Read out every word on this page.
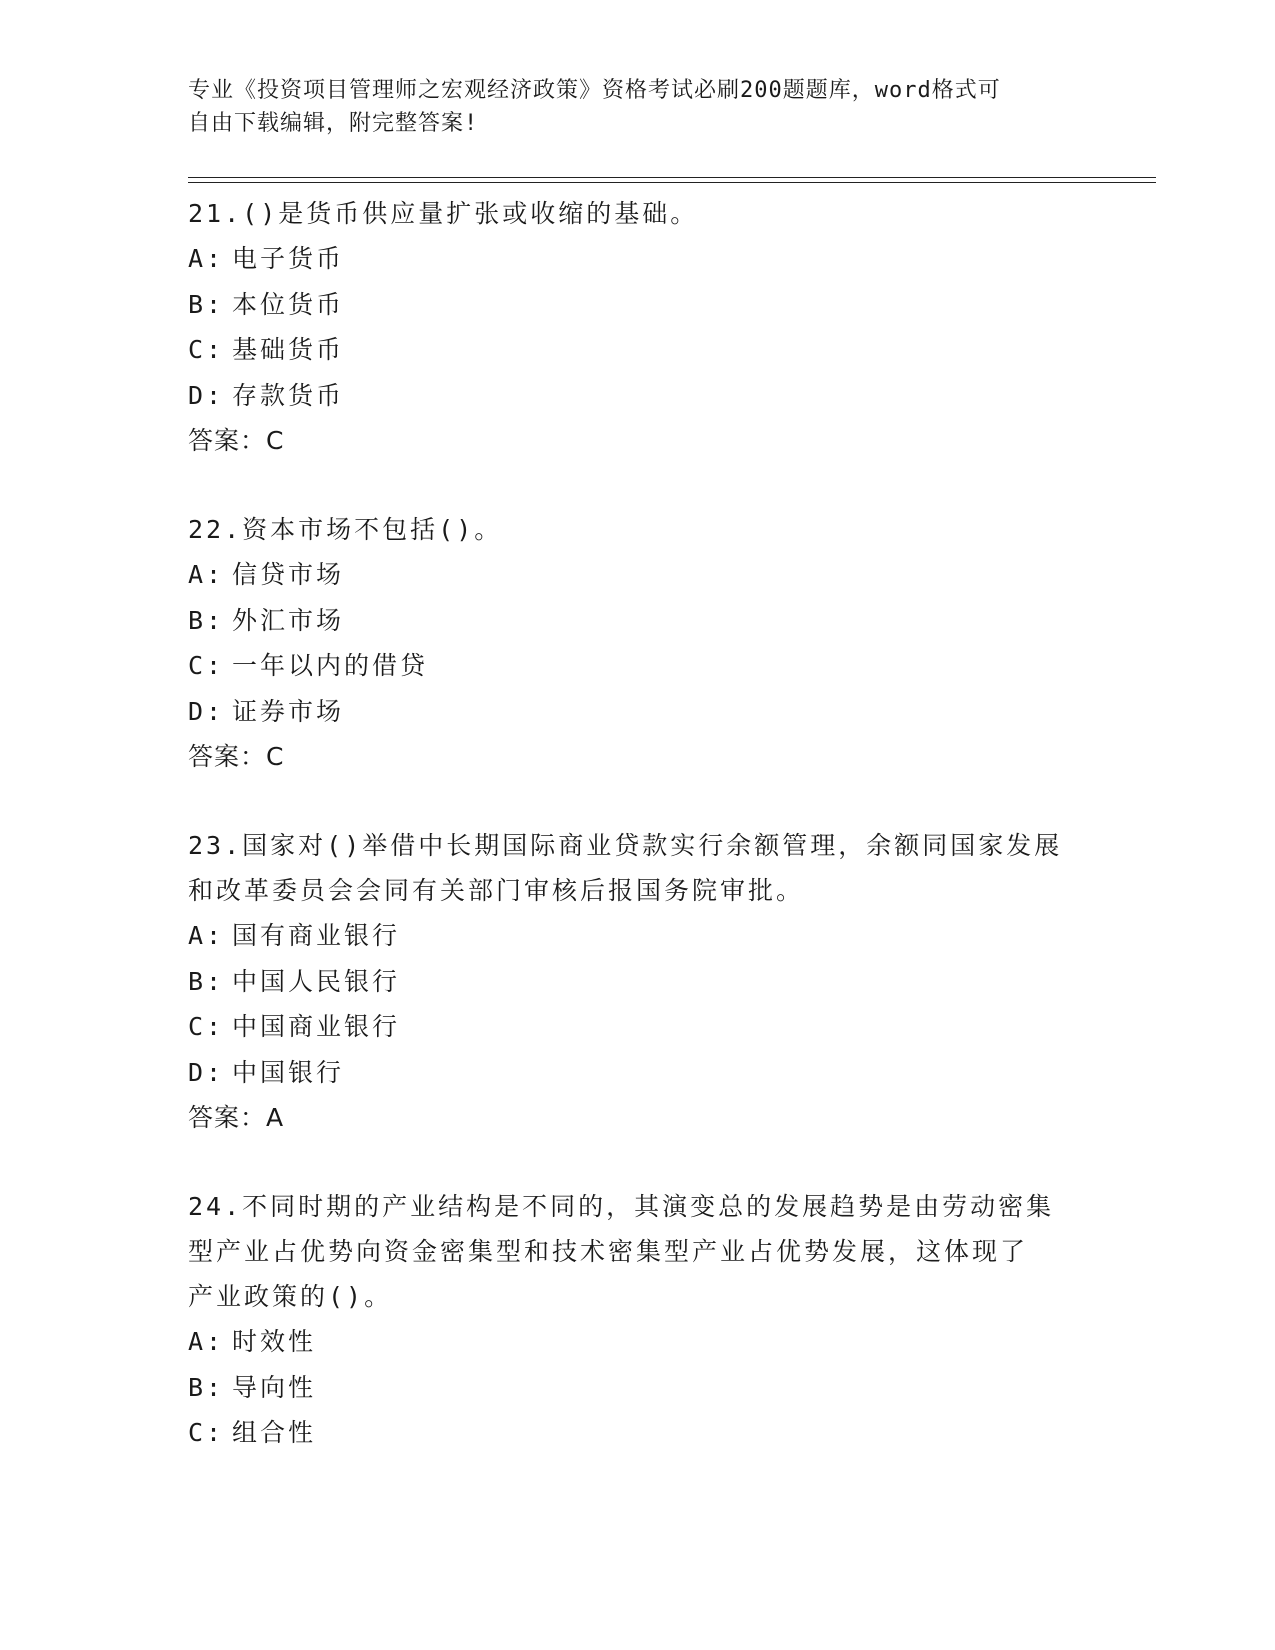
专业《投资项目管理师之宏观经济政策》资格考试必刷200题题库，word格式可
自由下载编辑，附完整答案!

21.()是货币供应量扩张或收缩的基础。

A: 电子货币

B: 本位货币

C: 基础货币

D: 存款货币

答案：C

22.资本市场不包括()。

A: 信贷市场

B: 外汇市场

C: 一年以内的借贷

D: 证券市场

答案：C

23.国家对()举借中长期国际商业贷款实行余额管理，余额同国家发展

和改革委员会会同有关部门审核后报国务院审批。

A: 国有商业银行

B: 中国人民银行

C: 中国商业银行

D: 中国银行

答案：A

24.不同时期的产业结构是不同的，其演变总的发展趋势是由劳动密集

型产业占优势向资金密集型和技术密集型产业占优势发展，这体现了

产业政策的()。

A: 时效性

B: 导向性

C: 组合性
